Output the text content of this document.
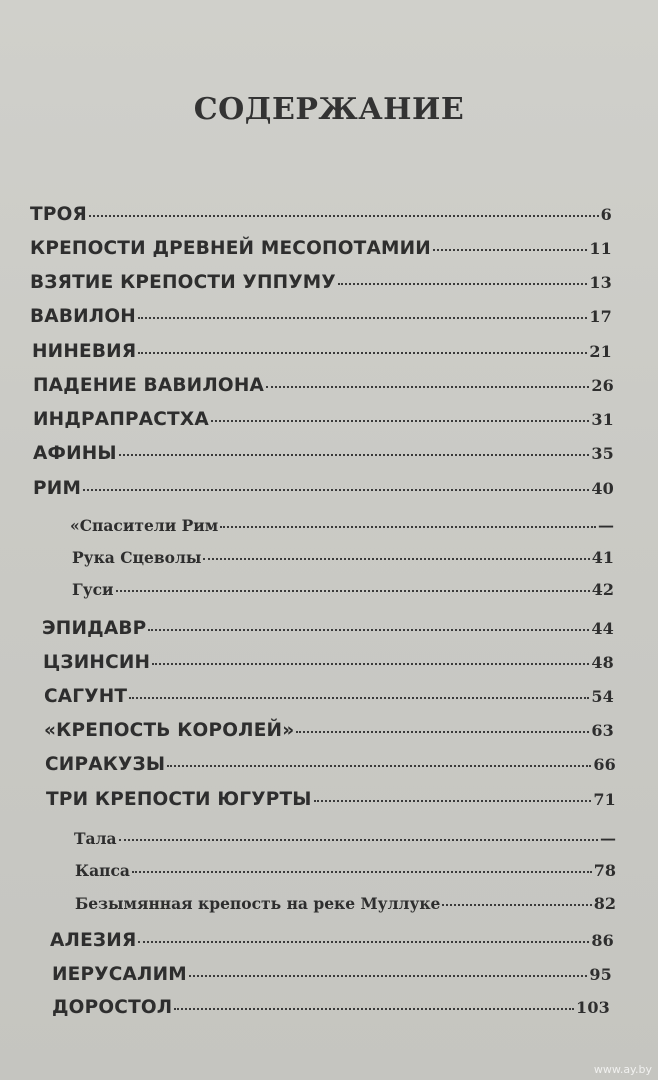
СОДЕРЖАНИЕ
ТРОЯ	6
КРЕПОСТИ ДРЕВНЕЙ МЕСОПОТАМИИ	11
ВЗЯТИЕ КРЕПОСТИ УППУМУ	13
ВАВИЛОН	17
НИНЕВИЯ	21
ПАДЕНИЕ ВАВИЛОНА	26
ИНДРАПРАСТХА	31
АФИНЫ	35
РИМ	40
«Спасители Рим	—
Рука Сцеволы	41
Гуси	42
ЭПИДАВР	44
ЦЗИНСИН	48
САГУНТ	54
«КРЕПОСТЬ КОРОЛЕЙ»	63
СИРАКУЗЫ	66
ТРИ КРЕПОСТИ ЮГУРТЫ	71
Тала	—
Капса	78
Безымянная крепость на реке Муллуке	82
АЛЕЗИЯ	86
ИЕРУСАЛИМ	95
ДОРОСТОЛ	103
www.ay.by
